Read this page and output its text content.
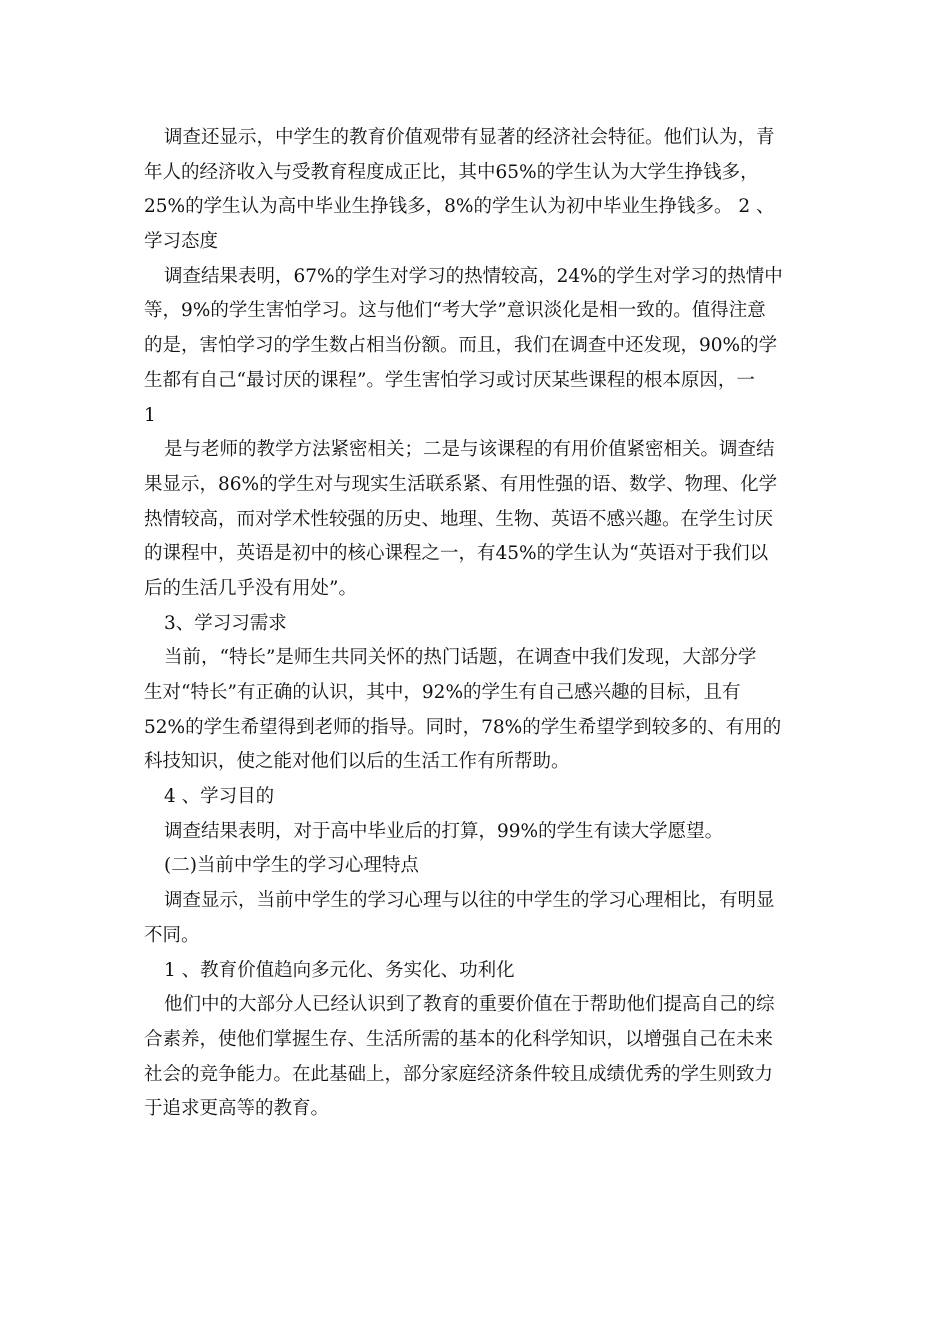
调查还显示，中学生的教育价值观带有显著的经济社会特征。他们认为，青
年人的经济收入与受教育程度成正比，其中65%的学生认为大学生挣钱多，
25%的学生认为高中毕业生挣钱多，8%的学生认为初中毕业生挣钱多。 2 、
学习态度
调查结果表明，67%的学生对学习的热情较高，24%的学生对学习的热情中
等，9%的学生害怕学习。这与他们“考大学”意识淡化是相一致的。值得注意
的是，害怕学习的学生数占相当份额。而且，我们在调查中还发现，90%的学
生都有自己“最讨厌的课程”。学生害怕学习或讨厌某些课程的根本原因，一
1
是与老师的教学方法紧密相关；二是与该课程的有用价值紧密相关。调查结
果显示，86%的学生对与现实生活联系紧、有用性强的语、数学、物理、化学
热情较高，而对学术性较强的历史、地理、生物、英语不感兴趣。在学生讨厌
的课程中，英语是初中的核心课程之一，有45%的学生认为“英语对于我们以
后的生活几乎没有用处”。
3、学习习需求
当前，“特长”是师生共同关怀的热门话题，在调查中我们发现，大部分学
生对“特长”有正确的认识，其中，92%的学生有自己感兴趣的目标，且有
52%的学生希望得到老师的指导。同时，78%的学生希望学到较多的、有用的
科技知识，使之能对他们以后的生活工作有所帮助。
4 、学习目的
调查结果表明，对于高中毕业后的打算，99%的学生有读大学愿望。
(二)当前中学生的学习心理特点
调查显示，当前中学生的学习心理与以往的中学生的学习心理相比，有明显
不同。
1 、教育价值趋向多元化、务实化、功利化
他们中的大部分人已经认识到了教育的重要价值在于帮助他们提高自己的综
合素养，使他们掌握生存、生活所需的基本的化科学知识，以增强自己在未来
社会的竞争能力。在此基础上，部分家庭经济条件较且成绩优秀的学生则致力
于追求更高等的教育。
